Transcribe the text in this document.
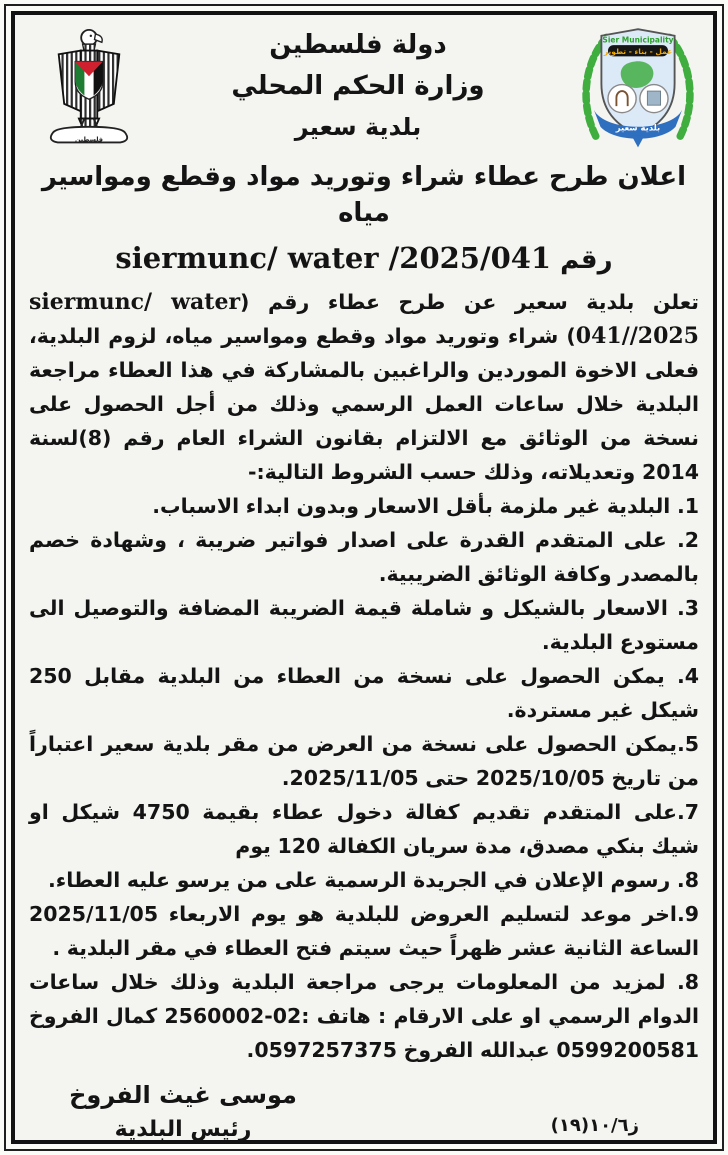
Sier Municipality
عمل - بناء - تطوير
بلدية سعير
دولة فلسطين
وزارة الحكم المحلي
بلدية سعير
فلسطين
اعلان طرح عطاء شراء وتوريد مواد وقطع ومواسير مياه
رقم siermunc/ water /2025/041

تعلن بلدية سعير عن طرح عطاء رقم (siermunc/ water 041//2025) شراء وتوريد مواد وقطع ومواسير مياه، لزوم البلدية، فعلى الاخوة الموردين والراغبين بالمشاركة في هذا العطاء مراجعة البلدية خلال ساعات العمل الرسمي وذلك من أجل الحصول على نسخة من الوثائق مع الالتزام بقانون الشراء العام رقم (8)لسنة 2014 وتعديلاته، وذلك حسب الشروط التالية:-

1. البلدية غير ملزمة بأقل الاسعار وبدون ابداء الاسباب.

2. على المتقدم القدرة على اصدار فواتير ضريبة ، وشهادة خصم بالمصدر وكافة الوثائق الضريبية.

3. الاسعار بالشيكل و شاملة قيمة الضريبة المضافة والتوصيل الى مستودع البلدية.

4. يمكن الحصول على نسخة من العطاء من البلدية مقابل 250 شيكل غير مستردة.

5.يمكن الحصول على نسخة من العرض من مقر بلدية سعير اعتباراً من تاريخ 2025/10/05 حتى 2025/11/05.

7.على المتقدم تقديم كفالة دخول عطاء بقيمة 4750 شيكل او شيك بنكي مصدق، مدة سريان الكفالة 120 يوم

8. رسوم الإعلان في الجريدة الرسمية على من يرسو عليه العطاء.

9.اخر موعد لتسليم العروض للبلدية هو يوم الاربعاء 2025/11/05 الساعة الثانية عشر ظهراً حيث سيتم فتح العطاء في مقر البلدية .

8. لمزيد من المعلومات يرجى مراجعة البلدية وذلك خلال ساعات الدوام الرسمي او على الارقام : هاتف :02-2560002 كمال الفروخ 0599200581 عبدالله الفروخ 0597257375.

موسى غيث الفروخ
رئيس البلدية	ز١٠/٦(١٩)
